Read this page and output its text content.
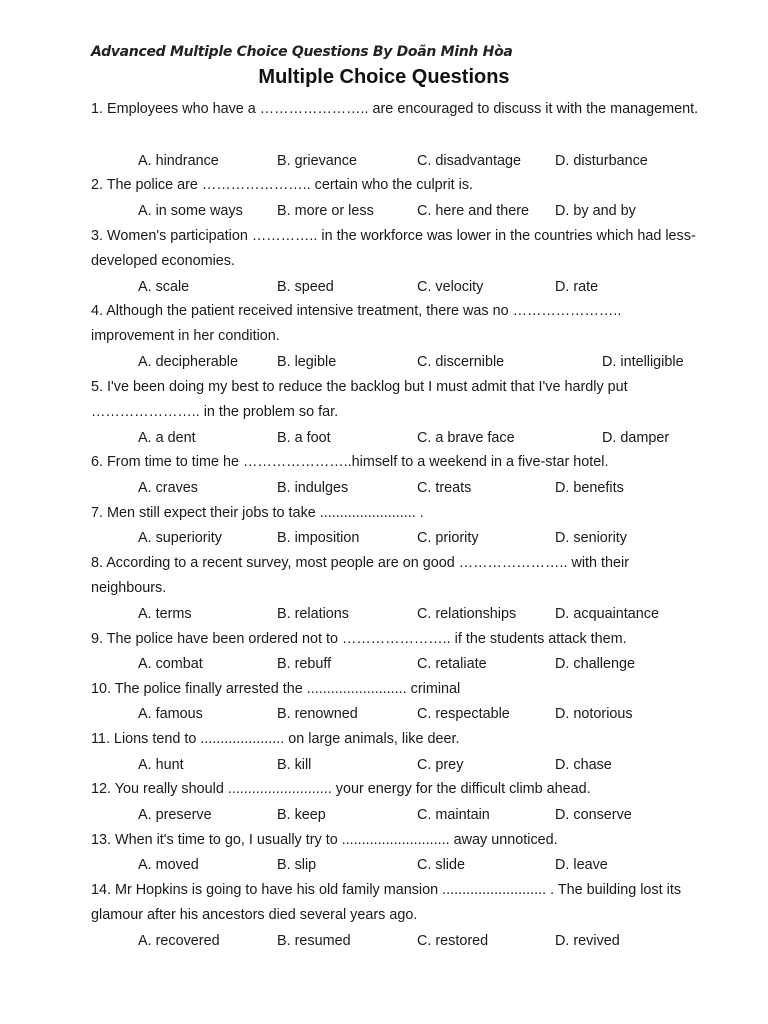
Advanced Multiple Choice Questions By Doãn Minh Hòa
Multiple Choice Questions
1. Employees who have a ………………….. are encouraged to discuss it with the management.
A. hindrance	B. grievance	C. disadvantage D. disturbance
2. The police are ………………….. certain who the culprit is.
A. in some ways B. more or less	C. here and there D. by and by
3. Women's participation ………….. in the workforce was lower in the countries which had less-developed economies.
A. scale	B. speed	C. velocity	D. rate
4. Although the patient received intensive treatment, there was no ………………….. improvement in her condition.
A. decipherable	B. legible	C. discernible	D. intelligible
5. I've been doing my best to reduce the backlog but I must admit that I've hardly put ………………….. in the problem so far.
A. a dent	B. a foot	C. a brave face	D. damper
6. From time to time he …………………..himself to a weekend in a five-star hotel.
A. craves	B. indulges	C. treats	D. benefits
7. Men still expect their jobs to take ........................ .
A. superiority	B. imposition	C. priority	D. seniority
8. According to a recent survey, most people are on good ………………….. with their neighbours.
A. terms	B. relations	C. relationships	D. acquaintance
9. The police have been ordered not to ………………….. if the students attack them.
A. combat	B. rebuff	C. retaliate	D. challenge
10. The police finally arrested the ......................... criminal
A. famous	B. renowned	C. respectable	D. notorious
11. Lions tend to ..................... on large animals, like deer.
A. hunt	B. kill	C. prey	D. chase
12. You really should .......................... your energy for the difficult climb ahead.
A. preserve	B. keep	C. maintain	D. conserve
13. When it's time to go, I usually try to ........................... away unnoticed.
A. moved	B. slip	C. slide	D. leave
14. Mr Hopkins is going to have his old family mansion .......................... . The building lost its glamour after his ancestors died several years ago.
A. recovered	B. resumed	C. restored	D. revived
